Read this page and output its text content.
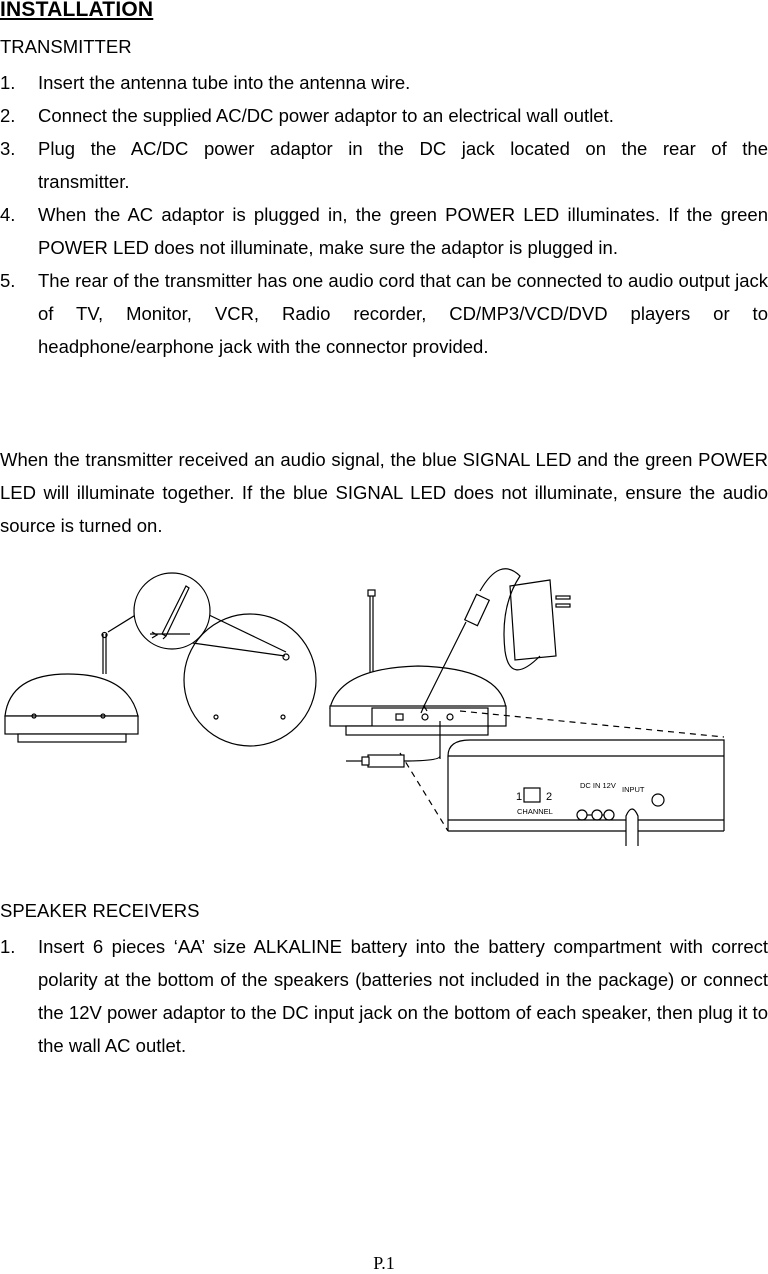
INSTALLATION
TRANSMITTER
1. Insert the antenna tube into the antenna wire.
2. Connect the supplied AC/DC power adaptor to an electrical wall outlet.
3. Plug the AC/DC power adaptor in the DC jack located on the rear of the transmitter.
4. When the AC adaptor is plugged in, the green POWER LED illuminates. If the green POWER LED does not illuminate, make sure the adaptor is plugged in.
5. The rear of the transmitter has one audio cord that can be connected to audio output jack of TV, Monitor, VCR, Radio recorder, CD/MP3/VCD/DVD players or to headphone/earphone jack with the connector provided.

When the transmitter received an audio signal, the blue SIGNAL LED and the green POWER LED will illuminate together. If the blue SIGNAL LED does not illuminate, ensure the audio source is turned on.

1 2
CHANNEL
DC IN 12V INPUT
SPEAKER RECEIVERS
1. Insert 6 pieces ‘AA’ size ALKALINE battery into the battery compartment with correct polarity at the bottom of the speakers (batteries not included in the package) or connect the 12V power adaptor to the DC input jack on the bottom of each speaker, then plug it to the wall AC outlet.
P.1
